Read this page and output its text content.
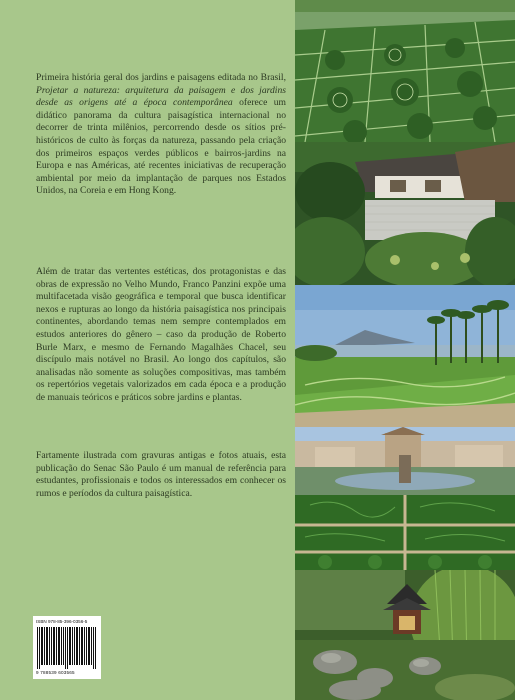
Primeira história geral dos jardins e paisagens editada no Brasil, Projetar a natureza: arquitetura da paisagem e dos jardins desde as origens até a época contemporânea oferece um didático panorama da cultura paisagística internacional no decorrer de trinta milênios, percorrendo desde os sítios pré-históricos de culto às forças da natureza, passando pela criação dos primeiros espaços verdes públicos e bairros-jardins na Europa e nas Américas, até recentes iniciativas de recuperação ambiental por meio da implantação de parques nos Estados Unidos, na Coreia e em Hong Kong.

Além de tratar das vertentes estéticas, dos protagonistas e das obras de expressão no Velho Mundo, Franco Panzini expõe uma multifacetada visão geográfica e temporal que busca identificar nexos e rupturas ao longo da história paisagística nos principais continentes, abordando temas nem sempre contemplados em estudos anteriores do gênero – caso da produção de Roberto Burle Marx, e mesmo de Fernando Magalhães Chacel, seu discípulo mais notável no Brasil. Ao longo dos capítulos, são analisadas não somente as soluções compositivas, mas também os repertórios vegetais valorizados em cada época e a produção de manuais teóricos e práticos sobre jardins e plantas.

Fartamente ilustrada com gravuras antigas e fotos atuais, esta publicação do Senac São Paulo é um manual de referência para estudantes, profissionais e todos os interessados em conhecer os rumos e períodos da cultura paisagística.

ISBN 978-85-396-0356-5
9 788539 603565
